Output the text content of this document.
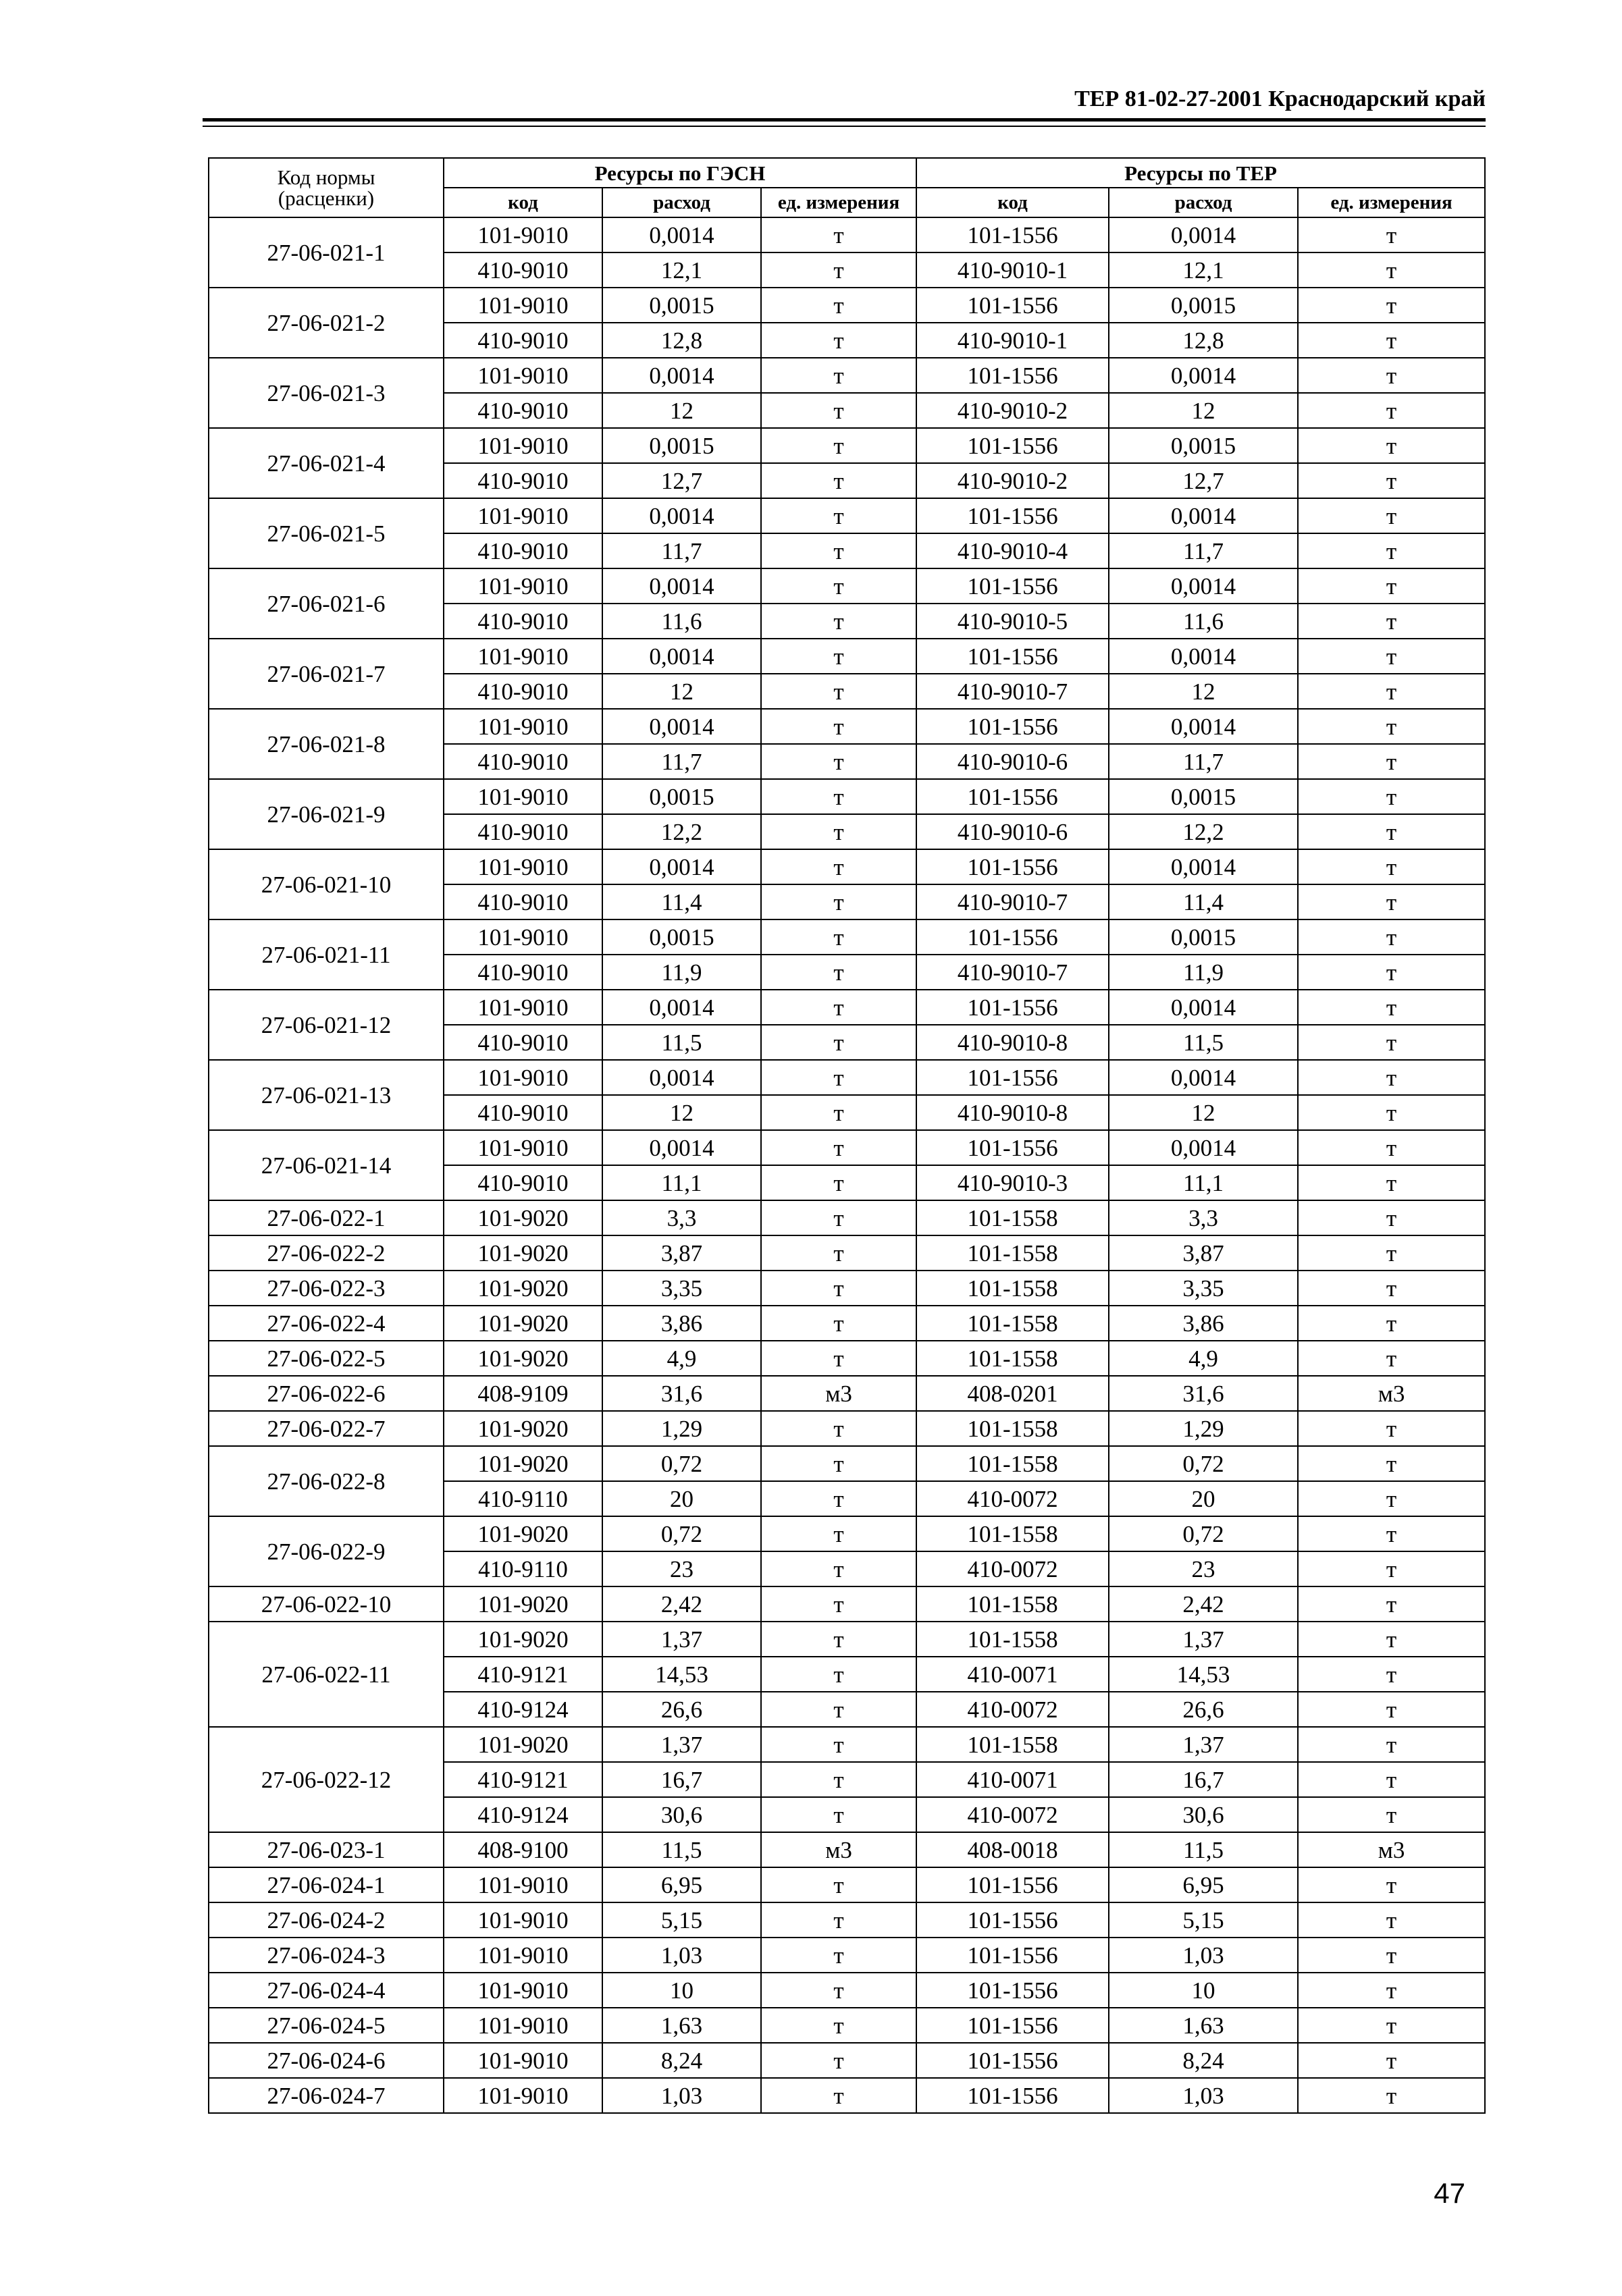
ТЕР 81-02-27-2001 Краснодарский край
Код нормы
(расценки)	Ресурсы по ГЭСН			Ресурсы по ТЕР		
	код	расход	ед. измерения	код	расход	ед. измерения
27-06-021-1	101-9010	0,0014	т	101-1556	0,0014	т
	410-9010	12,1	т	410-9010-1	12,1	т
27-06-021-2	101-9010	0,0015	т	101-1556	0,0015	т
	410-9010	12,8	т	410-9010-1	12,8	т
27-06-021-3	101-9010	0,0014	т	101-1556	0,0014	т
	410-9010	12	т	410-9010-2	12	т
27-06-021-4	101-9010	0,0015	т	101-1556	0,0015	т
	410-9010	12,7	т	410-9010-2	12,7	т
27-06-021-5	101-9010	0,0014	т	101-1556	0,0014	т
	410-9010	11,7	т	410-9010-4	11,7	т
27-06-021-6	101-9010	0,0014	т	101-1556	0,0014	т
	410-9010	11,6	т	410-9010-5	11,6	т
27-06-021-7	101-9010	0,0014	т	101-1556	0,0014	т
	410-9010	12	т	410-9010-7	12	т
27-06-021-8	101-9010	0,0014	т	101-1556	0,0014	т
	410-9010	11,7	т	410-9010-6	11,7	т
27-06-021-9	101-9010	0,0015	т	101-1556	0,0015	т
	410-9010	12,2	т	410-9010-6	12,2	т
27-06-021-10	101-9010	0,0014	т	101-1556	0,0014	т
	410-9010	11,4	т	410-9010-7	11,4	т
27-06-021-11	101-9010	0,0015	т	101-1556	0,0015	т
	410-9010	11,9	т	410-9010-7	11,9	т
27-06-021-12	101-9010	0,0014	т	101-1556	0,0014	т
	410-9010	11,5	т	410-9010-8	11,5	т
27-06-021-13	101-9010	0,0014	т	101-1556	0,0014	т
	410-9010	12	т	410-9010-8	12	т
27-06-021-14	101-9010	0,0014	т	101-1556	0,0014	т
	410-9010	11,1	т	410-9010-3	11,1	т
27-06-022-1	101-9020	3,3	т	101-1558	3,3	т
27-06-022-2	101-9020	3,87	т	101-1558	3,87	т
27-06-022-3	101-9020	3,35	т	101-1558	3,35	т
27-06-022-4	101-9020	3,86	т	101-1558	3,86	т
27-06-022-5	101-9020	4,9	т	101-1558	4,9	т
27-06-022-6	408-9109	31,6	м3	408-0201	31,6	м3
27-06-022-7	101-9020	1,29	т	101-1558	1,29	т
27-06-022-8	101-9020	0,72	т	101-1558	0,72	т
	410-9110	20	т	410-0072	20	т
27-06-022-9	101-9020	0,72	т	101-1558	0,72	т
	410-9110	23	т	410-0072	23	т
27-06-022-10	101-9020	2,42	т	101-1558	2,42	т
27-06-022-11	101-9020	1,37	т	101-1558	1,37	т
	410-9121	14,53	т	410-0071	14,53	т
	410-9124	26,6	т	410-0072	26,6	т
27-06-022-12	101-9020	1,37	т	101-1558	1,37	т
	410-9121	16,7	т	410-0071	16,7	т
	410-9124	30,6	т	410-0072	30,6	т
27-06-023-1	408-9100	11,5	м3	408-0018	11,5	м3
27-06-024-1	101-9010	6,95	т	101-1556	6,95	т
27-06-024-2	101-9010	5,15	т	101-1556	5,15	т
27-06-024-3	101-9010	1,03	т	101-1556	1,03	т
27-06-024-4	101-9010	10	т	101-1556	10	т
27-06-024-5	101-9010	1,63	т	101-1556	1,63	т
27-06-024-6	101-9010	8,24	т	101-1556	8,24	т
27-06-024-7	101-9010	1,03	т	101-1556	1,03	т
47
